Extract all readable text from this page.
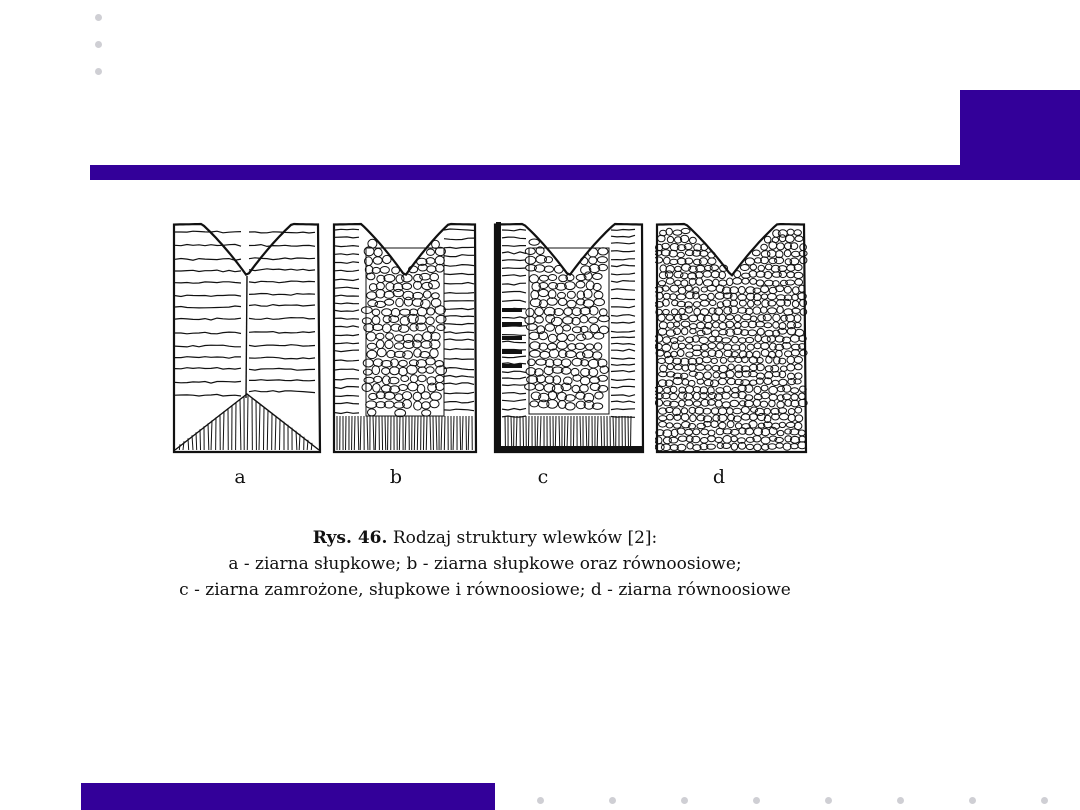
a	b	c	d
Rys. 46. Rodzaj struktury wlewków [2]:
a - ziarna słupkowe; b - ziarna słupkowe oraz równoosiowe;
c - ziarna zamrożone, słupkowe i równoosiowe; d - ziarna równoosiowe
